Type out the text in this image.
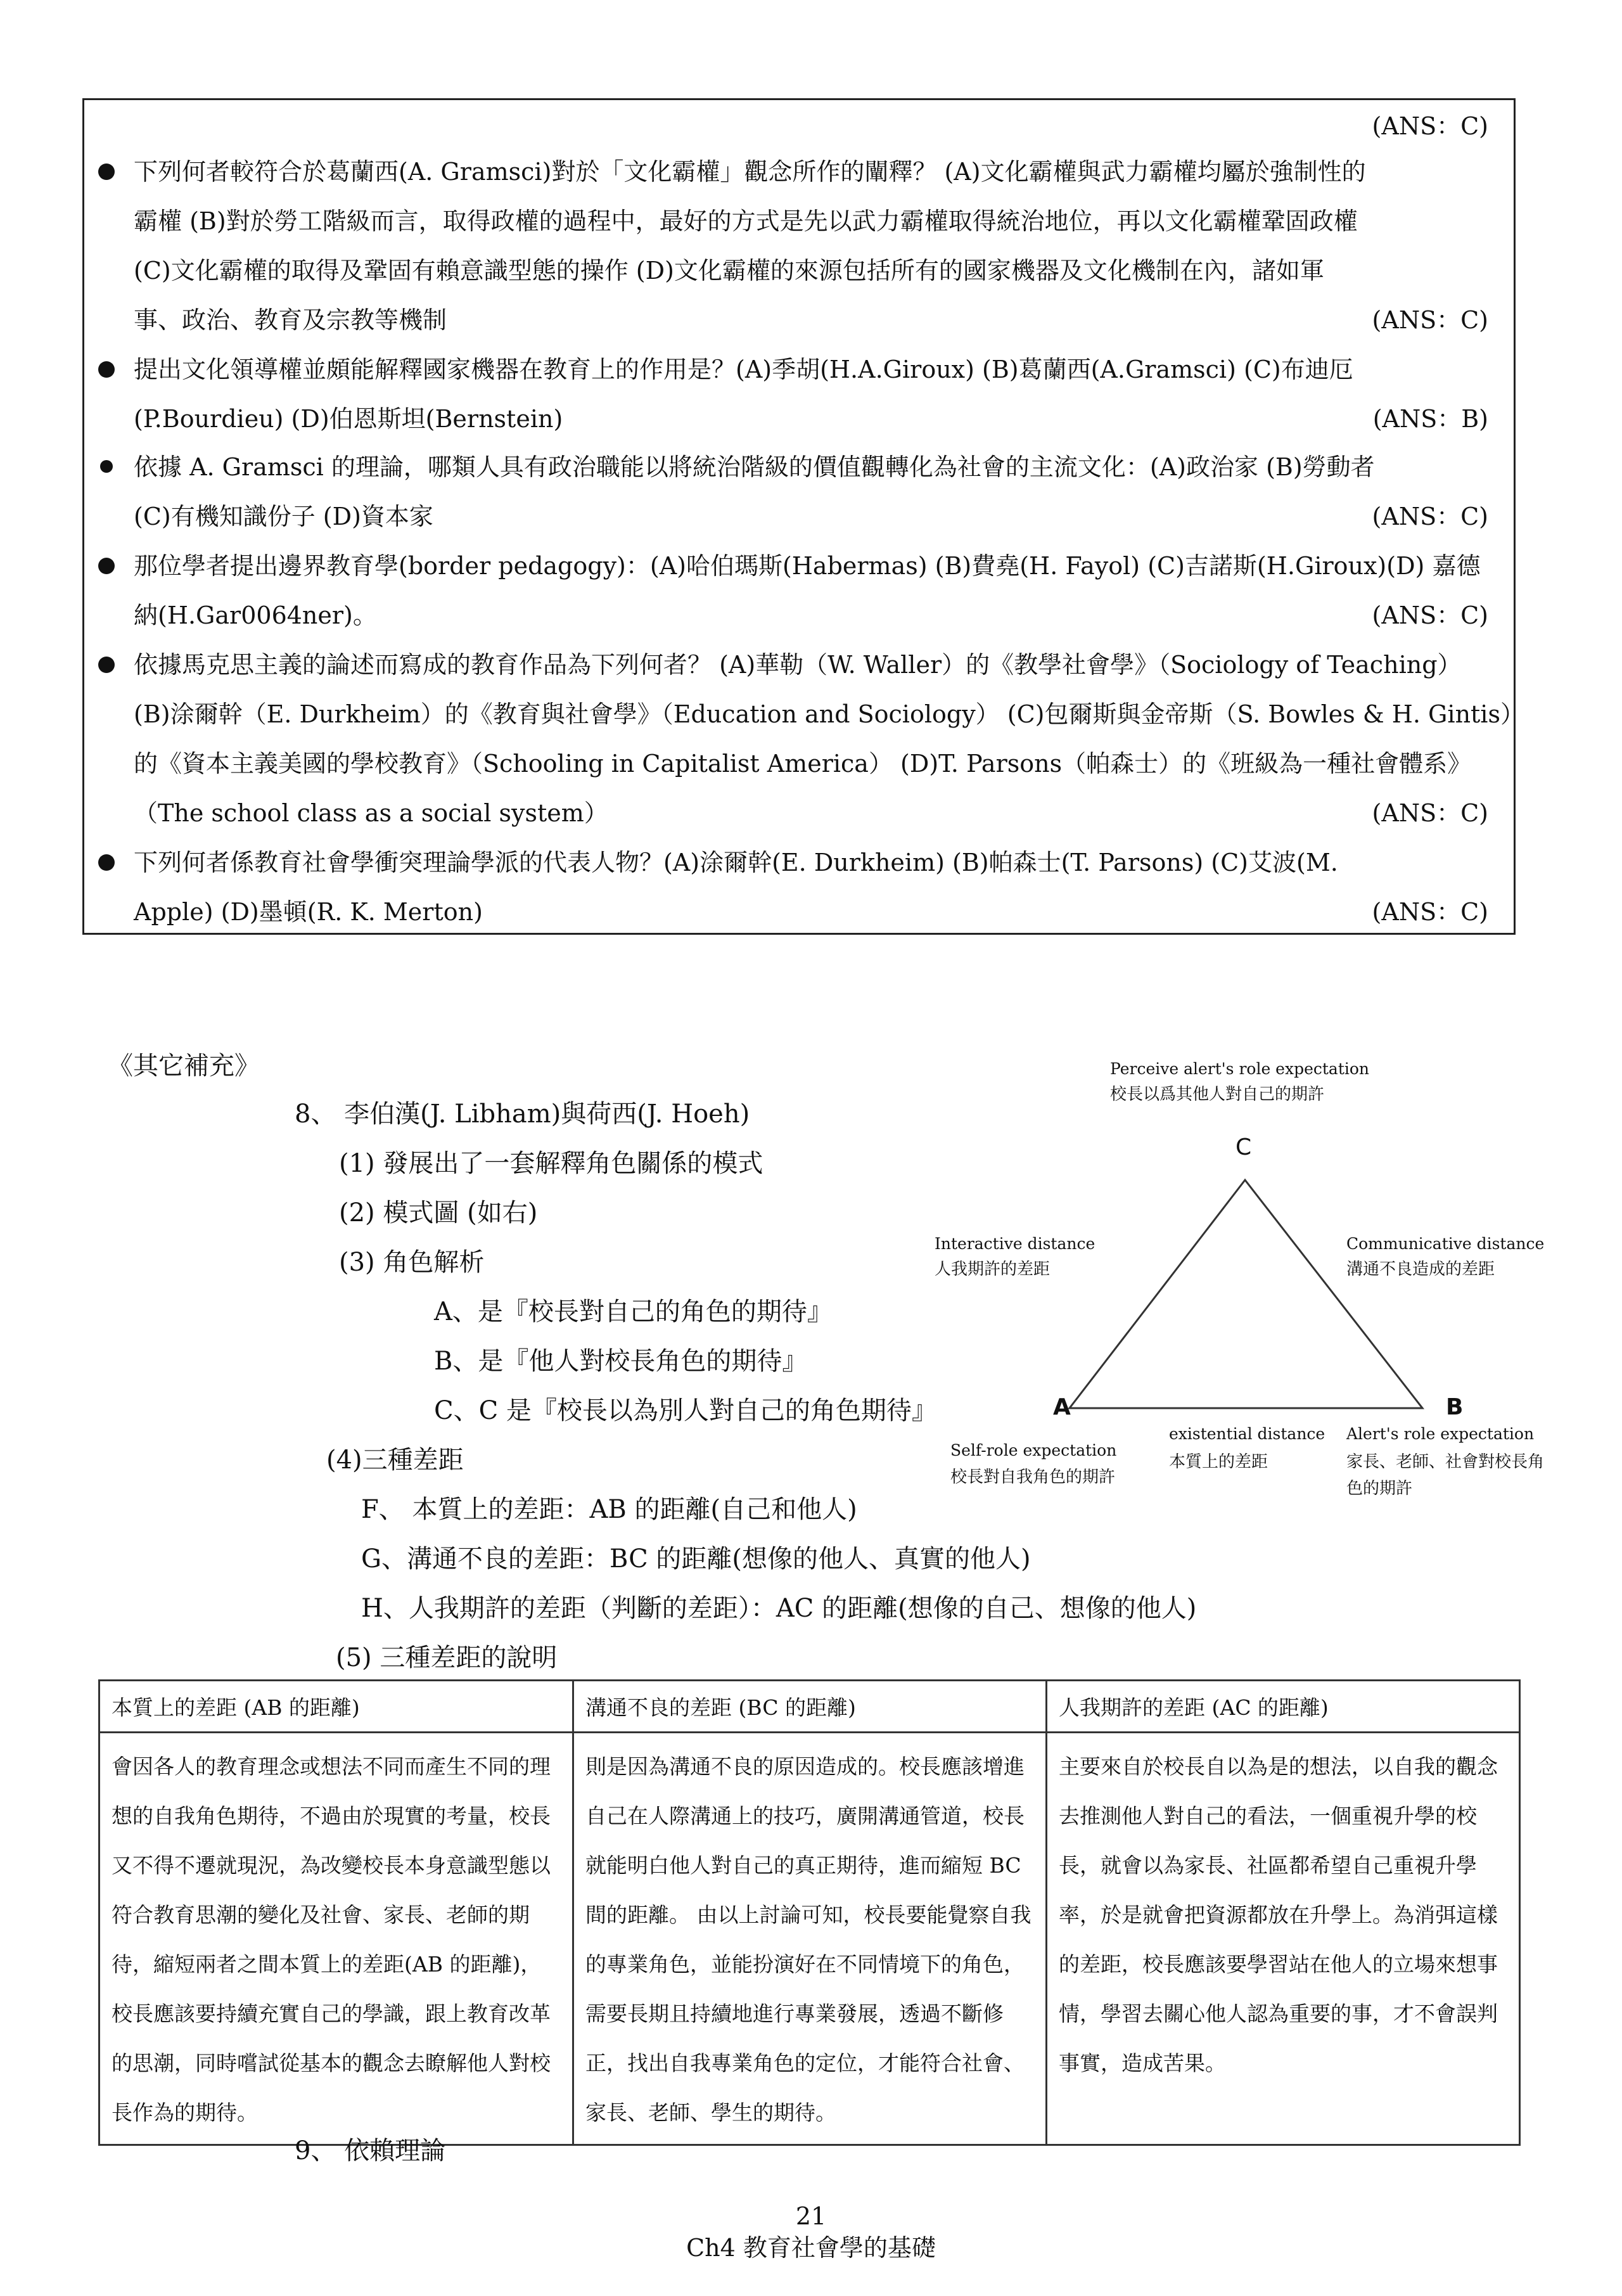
(ANS：C)
下列何者較符合於葛蘭西(A. Gramsci)對於「文化霸權」觀念所作的闡釋？ (A)文化霸權與武力霸權均屬於強制性的
霸權 (B)對於勞工階級而言，取得政權的過程中，最好的方式是先以武力霸權取得統治地位，再以文化霸權鞏固政權
(C)文化霸權的取得及鞏固有賴意識型態的操作 (D)文化霸權的來源包括所有的國家機器及文化機制在內，諸如軍
事、政治、教育及宗教等機制	(ANS：C)
提出文化領導權並頗能解釋國家機器在教育上的作用是？(A)季胡(H.A.Giroux) (B)葛蘭西(A.Gramsci) (C)布迪厄
(P.Bourdieu) (D)伯恩斯坦(Bernstein)	(ANS：B)
依據 A. Gramsci 的理論，哪類人具有政治職能以將統治階級的價值觀轉化為社會的主流文化：(A)政治家 (B)勞動者
(C)有機知識份子 (D)資本家	(ANS：C)
那位學者提出邊界教育學(border pedagogy)：(A)哈伯瑪斯(Habermas) (B)費堯(H. Fayol) (C)吉諾斯(H.Giroux)(D) 嘉德
納(H.Gar0064ner)。	(ANS：C)
依據馬克思主義的論述而寫成的教育作品為下列何者？ (A)華勒（W. Waller）的《教學社會學》（Sociology of Teaching）
(B)涂爾幹（E. Durkheim）的《教育與社會學》（Education and Sociology） (C)包爾斯與金帝斯（S. Bowles & H. Gintis）
的《資本主義美國的學校教育》（Schooling in Capitalist America） (D)T. Parsons（帕森士）的《班級為一種社會體系》
（The school class as a social system）	(ANS：C)
下列何者係教育社會學衝突理論學派的代表人物？(A)涂爾幹(E. Durkheim) (B)帕森士(T. Parsons) (C)艾波(M.
Apple) (D)墨頓(R. K. Merton)	(ANS：C)
《其它補充》
8、 李伯漢(J. Libham)與荷西(J. Hoeh)
(1) 發展出了一套解釋角色關係的模式
(2) 模式圖 (如右)
(3) 角色解析
A、是『校長對自己的角色的期待』
B、是『他人對校長角色的期待』
C、C 是『校長以為別人對自己的角色期待』
(4)三種差距
F、 本質上的差距：AB 的距離(自己和他人)
G、溝通不良的差距：BC 的距離(想像的他人、真實的他人)
H、人我期許的差距（判斷的差距）：AC 的距離(想像的自己、想像的他人)
(5) 三種差距的說明
Perceive alert's role expectation
校長以爲其他人對自己的期許
C
Interactive distance
人我期許的差距
Communicative distance
溝通不良造成的差距
A	B
Self-role expectation
校長對自我角色的期許
existential distance
本質上的差距
Alert's role expectation
家長、老師、社會對校長角
色的期許
本質上的差距 (AB 的距離)	溝通不良的差距 (BC 的距離)	人我期許的差距 (AC 的距離)
會因各人的教育理念或想法不同而產生不同的理想的自我角色期待，不過由於現實的考量，校長又不得不遷就現況，為改變校長本身意識型態以符合教育思潮的變化及社會、家長、老師的期待，縮短兩者之間本質上的差距(AB 的距離)，校長應該要持續充實自己的學識，跟上教育改革的思潮，同時嚐試從基本的觀念去瞭解他人對校長作為的期待。	則是因為溝通不良的原因造成的。校長應該增進自己在人際溝通上的技巧，廣開溝通管道，校長就能明白他人對自己的真正期待，進而縮短 BC 間的距離。 由以上討論可知，校長要能覺察自我的專業角色，並能扮演好在不同情境下的角色，需要長期且持續地進行專業發展，透過不斷修正，找出自我專業角色的定位，才能符合社會、家長、老師、學生的期待。	主要來自於校長自以為是的想法，以自我的觀念去推測他人對自己的看法，一個重視升學的校長，就會以為家長、社區都希望自己重視升學率，於是就會把資源都放在升學上。為消弭這樣的差距，校長應該要學習站在他人的立場來想事情，學習去關心他人認為重要的事，才不會誤判事實，造成苦果。
9、 依賴理論
21
Ch4 教育社會學的基礎
